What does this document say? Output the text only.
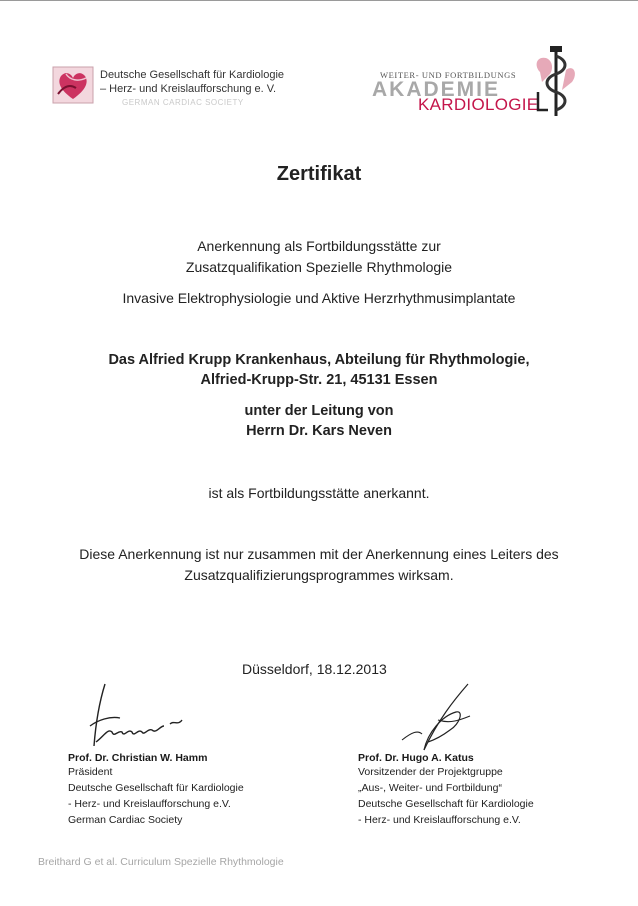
Deutsche Gesellschaft für Kardiologie
– Herz- und Kreislaufforschung e. V.
GERMAN CARDIAC SOCIETY
WEITER- UND FORTBILDUNGS
AKADEMIE
KARDIOLOGIE
Zertifikat
Anerkennung als Fortbildungsstätte zur
Zusatzqualifikation Spezielle Rhythmologie
Invasive Elektrophysiologie und Aktive Herzrhythmusimplantate
Das Alfried Krupp Krankenhaus, Abteilung für Rhythmologie,
Alfried-Krupp-Str. 21, 45131 Essen
unter der Leitung von
Herrn Dr. Kars Neven
ist als Fortbildungsstätte anerkannt.
Diese Anerkennung ist nur zusammen mit der Anerkennung eines Leiters des
Zusatzqualifizierungsprogrammes wirksam.
Düsseldorf, 18.12.2013
Prof. Dr. Christian W. Hamm
Präsident
Deutsche Gesellschaft für Kardiologie
- Herz- und Kreislaufforschung e.V.
German Cardiac Society
Prof. Dr. Hugo A. Katus
Vorsitzender der Projektgruppe
„Aus-, Weiter- und Fortbildung“
Deutsche Gesellschaft für Kardiologie
- Herz- und Kreislaufforschung e.V.
Breithard G et al. Curriculum Spezielle Rhythmologie
